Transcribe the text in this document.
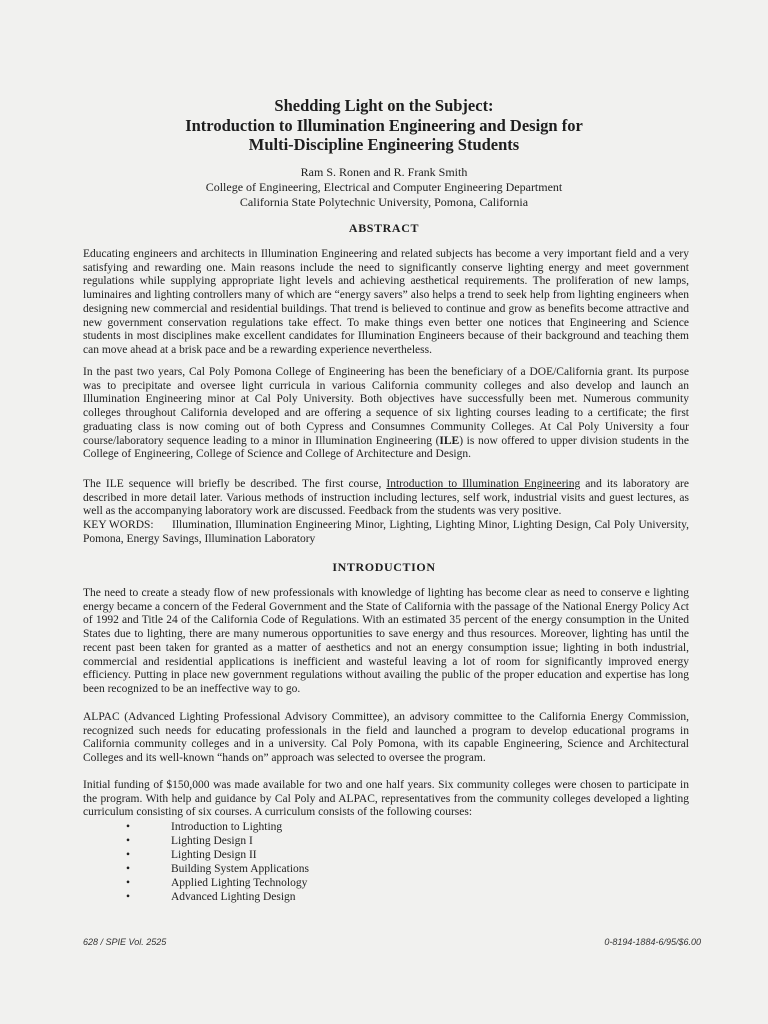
Shedding Light on the Subject:

Introduction to Illumination Engineering and Design for

Multi-Discipline Engineering Students

Ram S. Ronen and R. Frank Smith
College of Engineering, Electrical and Computer Engineering Department
California State Polytechnic University, Pomona, California
ABSTRACT

Educating engineers and architects in Illumination Engineering and related subjects has become a very important field and a very satisfying and rewarding one. Main reasons include the need to significantly conserve lighting energy and meet government regulations while supplying appropriate light levels and achieving aesthetical requirements. The proliferation of new lamps, luminaires and lighting controllers many of which are “energy savers” also helps a trend to seek help from lighting engineers when designing new commercial and residential buildings. That trend is believed to continue and grow as benefits become attractive and new government conservation regulations take effect. To make things even better one notices that Engineering and Science students in most disciplines make excellent candidates for Illumination Engineers because of their background and teaching them can move ahead at a brisk pace and be a rewarding experience nevertheless.

In the past two years, Cal Poly Pomona College of Engineering has been the beneficiary of a DOE/California grant. Its purpose was to precipitate and oversee light curricula in various California community colleges and also develop and launch an Illumination Engineering minor at Cal Poly University. Both objectives have successfully been met. Numerous community colleges throughout California developed and are offering a sequence of six lighting courses leading to a certificate; the first graduating class is now coming out of both Cypress and Consumnes Community Colleges. At Cal Poly University a four course/laboratory sequence leading to a minor in Illumination Engineering (ILE) is now offered to upper division students in the College of Engineering, College of Science and College of Architecture and Design.

The ILE sequence will briefly be described. The first course, Introduction to Illumination Engineering and its laboratory are described in more detail later. Various methods of instruction including lectures, self work, industrial visits and guest lectures, as well as the accompanying laboratory work are discussed. Feedback from the students was very positive.

KEY WORDS: Illumination, Illumination Engineering Minor, Lighting, Lighting Minor, Lighting Design, Cal Poly University, Pomona, Energy Savings, Illumination Laboratory
INTRODUCTION

The need to create a steady flow of new professionals with knowledge of lighting has become clear as need to conserve e lighting energy became a concern of the Federal Government and the State of California with the passage of the National Energy Policy Act of 1992 and Title 24 of the California Code of Regulations. With an estimated 35 percent of the energy consumption in the United States due to lighting, there are many numerous opportunities to save energy and thus resources. Moreover, lighting has until the recent past been taken for granted as a matter of aesthetics and not an energy consumption issue; lighting in both industrial, commercial and residential applications is inefficient and wasteful leaving a lot of room for significantly improved energy efficiency. Putting in place new government regulations without availing the public of the proper education and expertise has long been recognized to be an ineffective way to go.

ALPAC (Advanced Lighting Professional Advisory Committee), an advisory committee to the California Energy Commission, recognized such needs for educating professionals in the field and launched a program to develop educational programs in California community colleges and in a university. Cal Poly Pomona, with its capable Engineering, Science and Architectural Colleges and its well-known “hands on” approach was selected to oversee the program.

Initial funding of $150,000 was made available for two and one half years. Six community colleges were chosen to participate in the program. With help and guidance by Cal Poly and ALPAC, representatives from the community colleges developed a lighting curriculum consisting of six courses. A curriculum consists of the following courses:

•	Introduction to Lighting
•	Lighting Design I
•	Lighting Design II
•	Building System Applications
•	Applied Lighting Technology
•	Advanced Lighting Design
628 / SPIE Vol. 2525	0-8194-1884-6/95/$6.00
